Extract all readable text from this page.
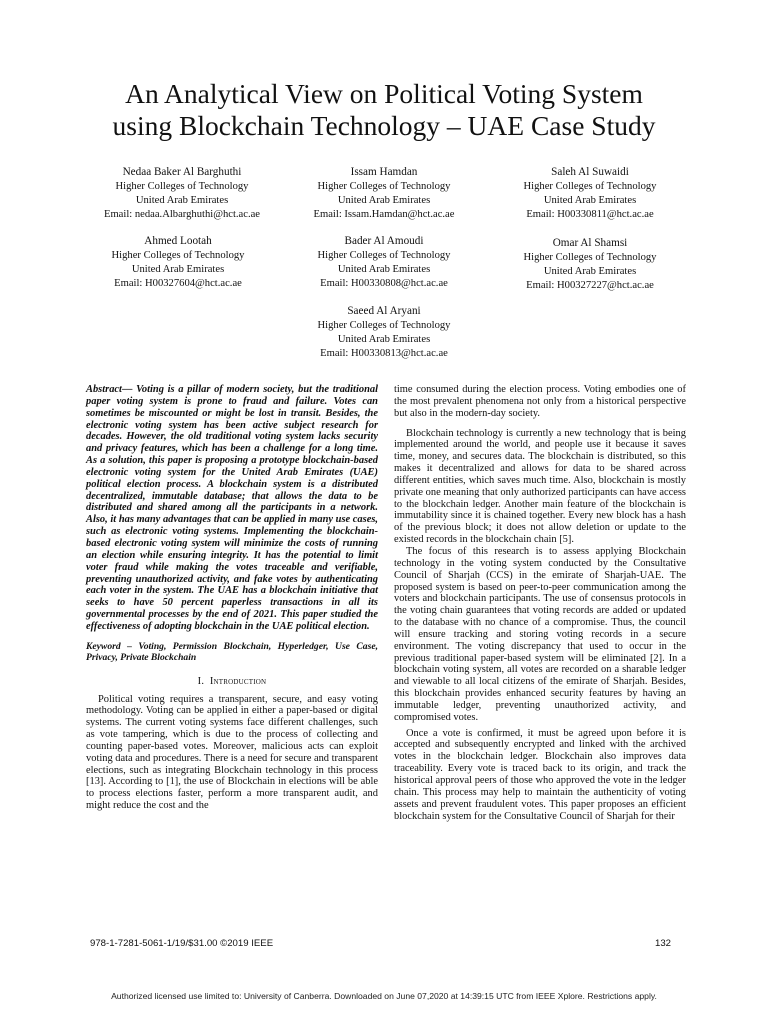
An Analytical View on Political Voting System
using Blockchain Technology – UAE Case Study
Nedaa Baker Al Barghuthi
Higher Colleges of Technology
United Arab Emirates
Email: nedaa.Albarghuthi@hct.ac.ae
Issam Hamdan
Higher Colleges of Technology
United Arab Emirates
Email: Issam.Hamdan@hct.ac.ae
Saleh Al Suwaidi
Higher Colleges of Technology
United Arab Emirates
Email: H00330811@hct.ac.ae
Ahmed Lootah
Higher Colleges of Technology
United Arab Emirates
Email: H00327604@hct.ac.ae
Bader Al Amoudi
Higher Colleges of Technology
United Arab Emirates
Email: H00330808@hct.ac.ae
Omar Al Shamsi
Higher Colleges of Technology
United Arab Emirates
Email: H00327227@hct.ac.ae
Saeed Al Aryani
Higher Colleges of Technology
United Arab Emirates
Email: H00330813@hct.ac.ae

Abstract— Voting is a pillar of modern society, but the traditional paper voting system is prone to fraud and failure. Votes can sometimes be miscounted or might be lost in transit. Besides, the electronic voting system has been active subject research for decades. However, the old traditional voting system lacks security and privacy features, which has been a challenge for a long time. As a solution, this paper is proposing a prototype blockchain-based electronic voting system for the United Arab Emirates (UAE) political election process. A blockchain system is a distributed decentralized, immutable database; that allows the data to be distributed and shared among all the participants in a network. Also, it has many advantages that can be applied in many use cases, such as electronic voting systems. Implementing the blockchain-based electronic voting system will minimize the costs of running an election while ensuring integrity. It has the potential to limit voter fraud while making the votes traceable and verifiable, preventing unauthorized activity, and fake votes by authenticating each voter in the system. The UAE has a blockchain initiative that seeks to have 50 percent paperless transactions in all its governmental processes by the end of 2021. This paper studied the effectiveness of adopting blockchain in the UAE political election.

Keyword – Voting, Permission Blockchain, Hyperledger, Use Case, Privacy, Private Blockchain

I. Introduction

Political voting requires a transparent, secure, and easy voting methodology. Voting can be applied in either a paper-based or digital systems. The current voting systems face different challenges, such as vote tampering, which is due to the process of collecting and counting paper-based votes. Moreover, malicious acts can exploit voting data and procedures. There is a need for secure and transparent elections, such as integrating Blockchain technology in this process [13]. According to [1], the use of Blockchain in elections will be able to process elections faster, perform a more transparent audit, and might reduce the cost and the

time consumed during the election process. Voting embodies one of the most prevalent phenomena not only from a historical perspective but also in the modern-day society.

Blockchain technology is currently a new technology that is being implemented around the world, and people use it because it saves time, money, and secures data. The blockchain is distributed, so this makes it decentralized and allows for data to be shared across different entities, which saves much time. Also, blockchain is mostly private one meaning that only authorized participants can have access to the blockchain ledger. Another main feature of the blockchain is immutability since it is chained together. Every new block has a hash of the previous block; it does not allow deletion or update to the existed records in the blockchain chain [5].

The focus of this research is to assess applying Blockchain technology in the voting system conducted by the Consultative Council of Sharjah (CCS) in the emirate of Sharjah-UAE. The proposed system is based on peer-to-peer communication among the voters and blockchain participants. The use of consensus protocols in the voting chain guarantees that voting records are added or updated to the database with no chance of a compromise. Thus, the council will ensure tracking and storing voting records in a secure environment. The voting discrepancy that used to occur in the previous traditional paper-based system will be eliminated [2]. In a blockchain voting system, all votes are recorded on a sharable ledger and viewable to all local citizens of the emirate of Sharjah. Besides, this blockchain provides enhanced security features by having an immutable ledger, preventing unauthorized activity, and compromised votes.

Once a vote is confirmed, it must be agreed upon before it is accepted and subsequently encrypted and linked with the archived votes in the blockchain ledger. Blockchain also improves data traceability. Every vote is traced back to its origin, and track the historical approval peers of those who approved the vote in the ledger chain. This process may help to maintain the authenticity of voting assets and prevent fraudulent votes. This paper proposes an efficient blockchain system for the Consultative Council of Sharjah for their

978-1-7281-5061-1/19/$31.00 ©2019 IEEE	132
Authorized licensed use limited to: University of Canberra. Downloaded on June 07,2020 at 14:39:15 UTC from IEEE Xplore. Restrictions apply.
